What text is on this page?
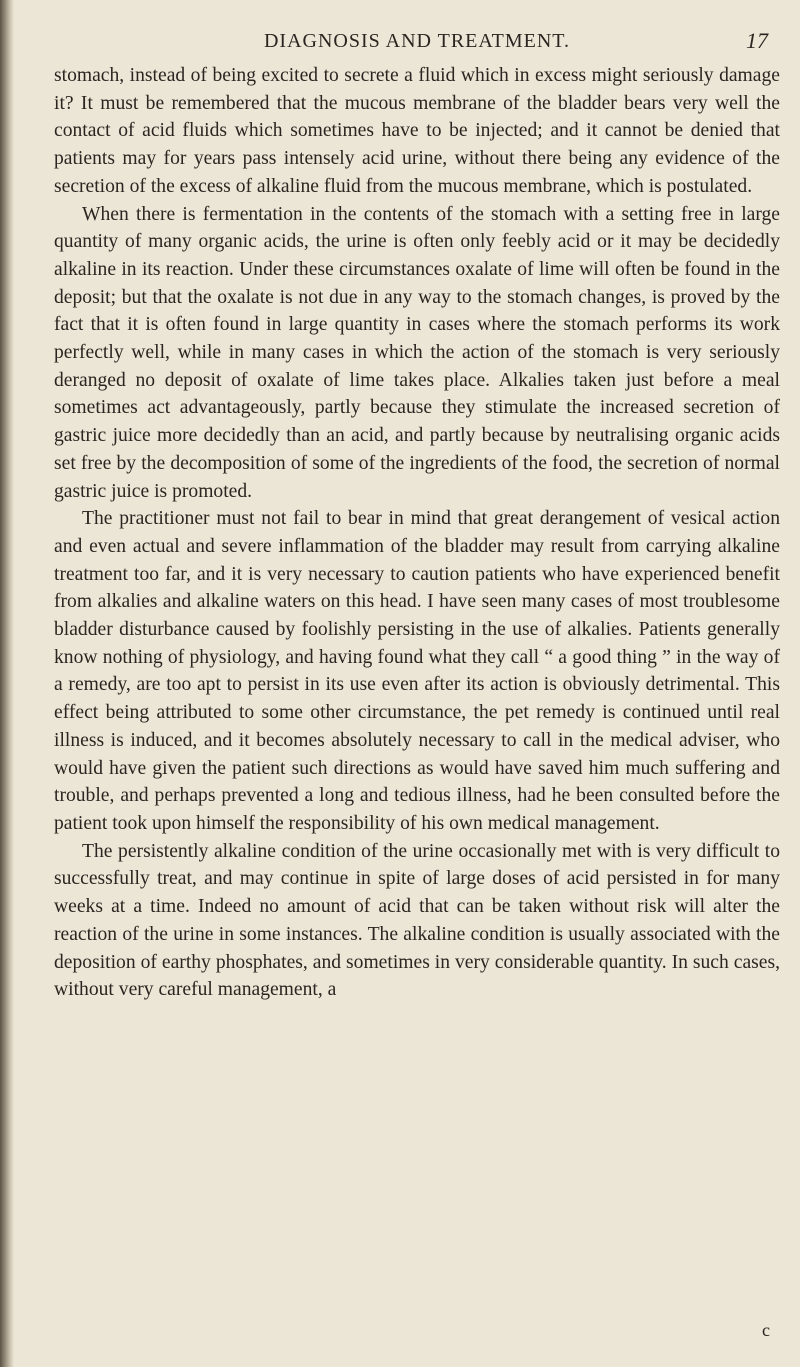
DIAGNOSIS AND TREATMENT.	17

stomach, instead of being excited to secrete a fluid which in excess might seriously damage it? It must be remembered that the mucous membrane of the bladder bears very well the contact of acid fluids which sometimes have to be injected; and it cannot be denied that patients may for years pass intensely acid urine, without there being any evidence of the secretion of the excess of alkaline fluid from the mucous membrane, which is postulated.

When there is fermentation in the contents of the stomach with a setting free in large quantity of many organic acids, the urine is often only feebly acid or it may be decidedly alkaline in its reaction. Under these circumstances oxalate of lime will often be found in the deposit; but that the oxalate is not due in any way to the stomach changes, is proved by the fact that it is often found in large quantity in cases where the stomach performs its work perfectly well, while in many cases in which the action of the stomach is very seriously deranged no deposit of oxalate of lime takes place. Alkalies taken just before a meal sometimes act advantageously, partly because they stimulate the increased secretion of gastric juice more decidedly than an acid, and partly because by neutralising organic acids set free by the decomposition of some of the ingredients of the food, the secretion of normal gastric juice is promoted.

The practitioner must not fail to bear in mind that great derangement of vesical action and even actual and severe inflammation of the bladder may result from carrying alkaline treatment too far, and it is very necessary to caution patients who have experienced benefit from alkalies and alkaline waters on this head. I have seen many cases of most troublesome bladder disturbance caused by foolishly persisting in the use of alkalies. Patients generally know nothing of physiology, and having found what they call “ a good thing ” in the way of a remedy, are too apt to persist in its use even after its action is obviously detrimental. This effect being attributed to some other circumstance, the pet remedy is continued until real illness is induced, and it becomes absolutely necessary to call in the medical adviser, who would have given the patient such directions as would have saved him much suffering and trouble, and perhaps prevented a long and tedious illness, had he been consulted before the patient took upon himself the responsibility of his own medical management.

The persistently alkaline condition of the urine occasionally met with is very difficult to successfully treat, and may continue in spite of large doses of acid persisted in for many weeks at a time. Indeed no amount of acid that can be taken without risk will alter the reaction of the urine in some instances. The alkaline condition is usually associated with the deposition of earthy phosphates, and sometimes in very considerable quantity. In such cases, without very careful management, a

c
